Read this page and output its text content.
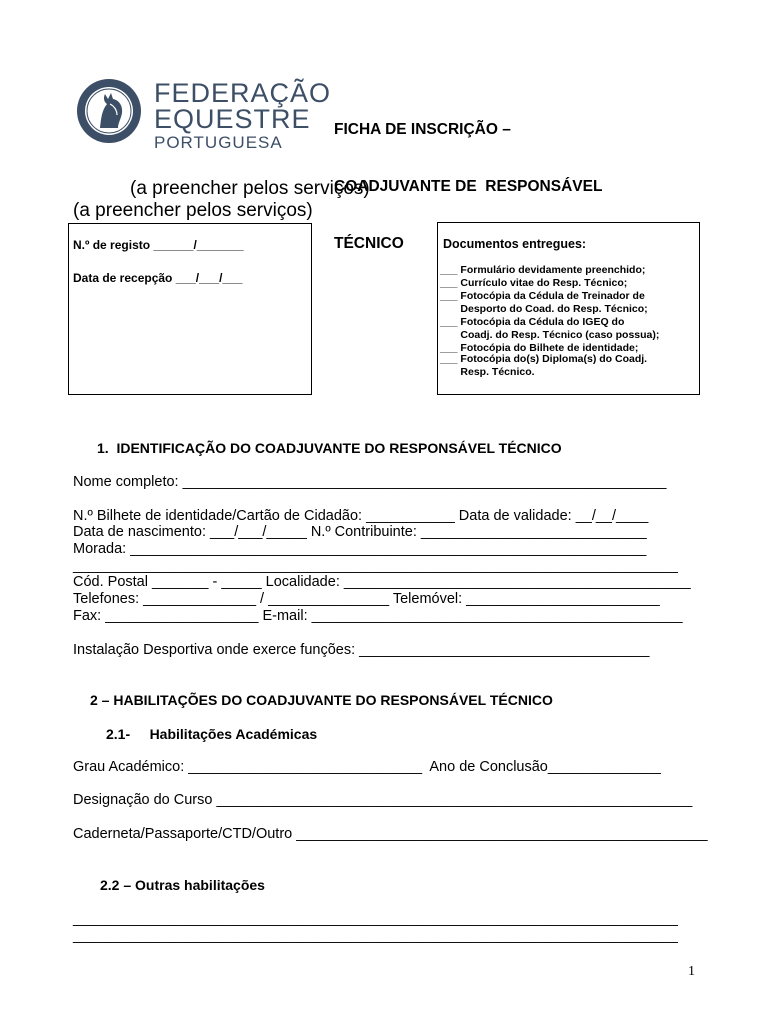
FEDERAÇÃO
EQUESTRE
PORTUGUESA

FICHA DE INSCRIÇÃO –

COADJUVANTE DE  RESPONSÁVEL

TÉCNICO

(a preencher pelos serviços)
(a preencher pelos serviços)
N.º de registo ______/_______
Data de recepção ___/___/___
Documentos entregues:
___ Formulário devidamente preenchido;
___ Currículo vitae do Resp. Técnico;
___ Fotocópia da Cédula de Treinador de
Desporto do Coad. do Resp. Técnico;
___ Fotocópia da Cédula do IGEQ do
Coadj. do Resp. Técnico (caso possua);
___ Fotocópia do Bilhete de identidade;
___ Fotocópia do(s) Diploma(s) do Coadj.
Resp. Técnico.
1.  IDENTIFICAÇÃO DO COADJUVANTE DO RESPONSÁVEL TÉCNICO
Nome completo: ____________________________________________________________
N.º Bilhete de identidade/Cartão de Cidadão: ___________ Data de validade: __/__/____
Data de nascimento: ___/___/_____ N.º Contribuinte: ____________________________
Morada: ________________________________________________________________
___________________________________________________________________________
Cód. Postal _______ - _____ Localidade: ___________________________________________
Telefones: ______________ / _______________ Telemóvel: ________________________
Fax: ___________________ E-mail: ______________________________________________
Instalação Desportiva onde exerce funções: ____________________________________
2 – HABILITAÇÕES DO COADJUVANTE DO RESPONSÁVEL TÉCNICO
2.1-     Habilitações Académicas
Grau Académico: _____________________________  Ano de Conclusão______________
Designação do Curso ___________________________________________________________
Caderneta/Passaporte/CTD/Outro ___________________________________________________
2.2 – Outras habilitações
___________________________________________________________________________
___________________________________________________________________________
1
